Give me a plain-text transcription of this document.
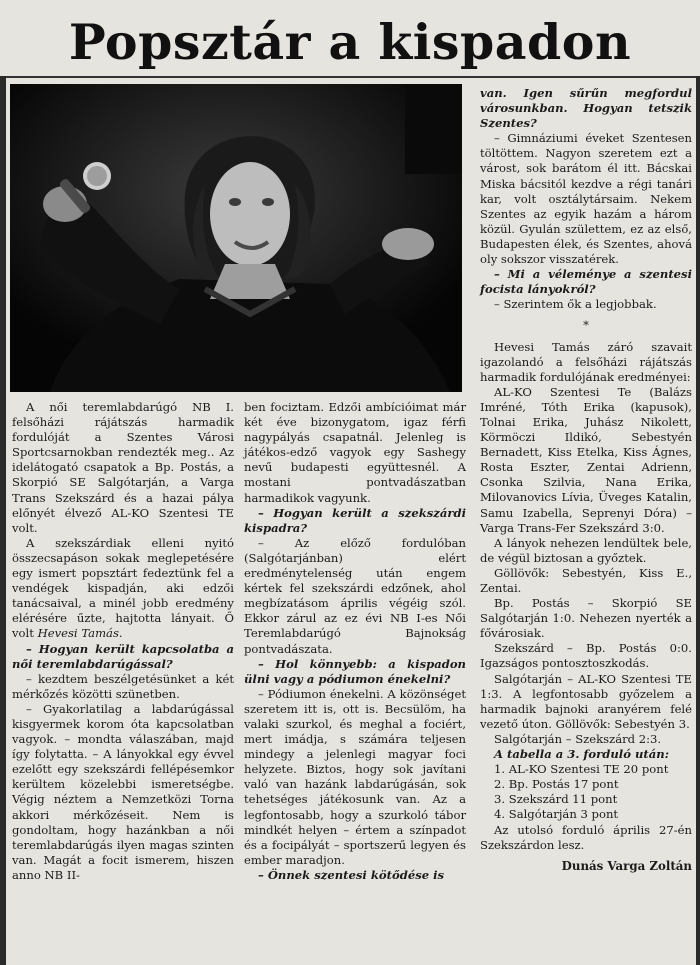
Popsztár a kispadon

A női teremlabdarúgó NB I. felsőházi rájátszás harmadik fordulóját a Szentes Városi Sportcsarnokban rendezték meg.. Az idelátogató csapatok a Bp. Postás, a Skorpió SE Salgótarján, a Varga Trans Szekszárd és a hazai pálya előnyét élvező AL-KO Szentesi TE volt.

A szekszárdiak elleni nyitó összecsapáson sokak meglepetésére egy ismert popsztárt fedeztünk fel a vendégek kispadján, aki edzői tanácsaival, a minél jobb eredmény elérésére űzte, hajtotta lányait. Ő volt Hevesi Tamás.

– Hogyan került kapcsolatba a női teremlabdarúgással?

– kezdtem beszélgetésünket a két mérkőzés közötti szünetben.

– Gyakorlatilag a labdarúgással kisgyermek korom óta kapcsolatban vagyok. – mondta válaszában, majd így folytatta. – A lányokkal egy évvel ezelőtt egy szekszárdi fellépésemkor kerültem közelebbi ismeretségbe. Végig néztem a Nemzetközi Torna akkori mérkőzéseit. Nem is gondoltam, hogy hazánkban a női teremlabdarúgás ilyen magas szinten van. Magát a focit ismerem, hiszen anno NB II-

ben fociztam. Edzői ambícióimat már két éve bizonygatom, igaz férfi nagypályás csapatnál. Jelenleg is játékos-edző vagyok egy Sashegy nevű budapesti együttesnél. A mostani pontvadászatban harmadikok vagyunk.

– Hogyan került a szekszárdi kispadra?

– Az előző fordulóban (Salgótarjánban) elért eredménytelenség után engem kértek fel szekszárdi edzőnek, ahol megbízatásom április végéig szól. Ekkor zárul az ez évi NB I-es Női Teremlabdarúgó Bajnokság pontvadászata.

– Hol könnyebb: a kispadon ülni vagy a pódiumon énekelni?

– Pódiumon énekelni. A közönséget szeretem itt is, ott is. Becsülöm, ha valaki szurkol, és meghal a fociért, mert imádja, s számára teljesen mindegy a jelenlegi magyar foci helyzete. Biztos, hogy sok javítani való van hazánk labdarúgásán, sok tehetséges játékosunk van. Az a legfontosabb, hogy a szurkoló tábor mindkét helyen – értem a színpadot és a focipályát – sportszerű legyen és ember maradjon.

– Önnek szentesi kötődése is

van. Igen sűrűn megfordul városunkban. Hogyan tetszik Szentes?

– Gimnáziumi éveket Szentesen töltöttem. Nagyon szeretem ezt a várost, sok barátom él itt. Bácskai Miska bácsitól kezdve a régi tanári kar, volt osztálytársaim. Nekem Szentes az egyik hazám a három közül. Gyulán születtem, ez az első, Budapesten élek, és Szentes, ahová oly sokszor visszatérek.

– Mi a véleménye a szentesi focista lányokról?

– Szerintem ők a legjobbak.

*

Hevesi Tamás záró szavait igazolandó a felsőházi rájátszás harmadik fordulójának eredményei:

AL-KO Szentesi Te (Balázs Imréné, Tóth Erika (kapusok), Tolnai Erika, Juhász Nikolett, Körmöczi Ildikó, Sebestyén Bernadett, Kiss Etelka, Kiss Ágnes, Rosta Eszter, Zentai Adrienn, Csonka Szilvia, Nana Erika, Milovanovics Lívia, Üveges Katalin, Samu Izabella, Seprenyi Dóra) – Varga Trans-Fer Szekszárd 3:0.

A lányok nehezen lendültek bele, de végül biztosan a győztek.

Göllövők: Sebestyén, Kiss E., Zentai.

Bp. Postás – Skorpió SE Salgótarján 1:0. Nehezen nyerték a fővárosiak.

Szekszárd – Bp. Postás 0:0. Igazságos pontosztoszkodás.

Salgótarján – AL-KO Szentesi TE 1:3. A legfontosabb győzelem a harmadik bajnoki aranyérem felé vezető úton. Göllövők: Sebestyén 3.

Salgótarján – Szekszárd 2:3.

A tabella a 3. forduló után:

1. AL-KO Szentesi TE 20 pont
2. Bp. Postás 17 pont
3. Szekszárd 11 pont
4. Salgótarján 3 pont

Az utolsó forduló április 27-én Szekszárdon lesz.

Dunás Varga Zoltán
